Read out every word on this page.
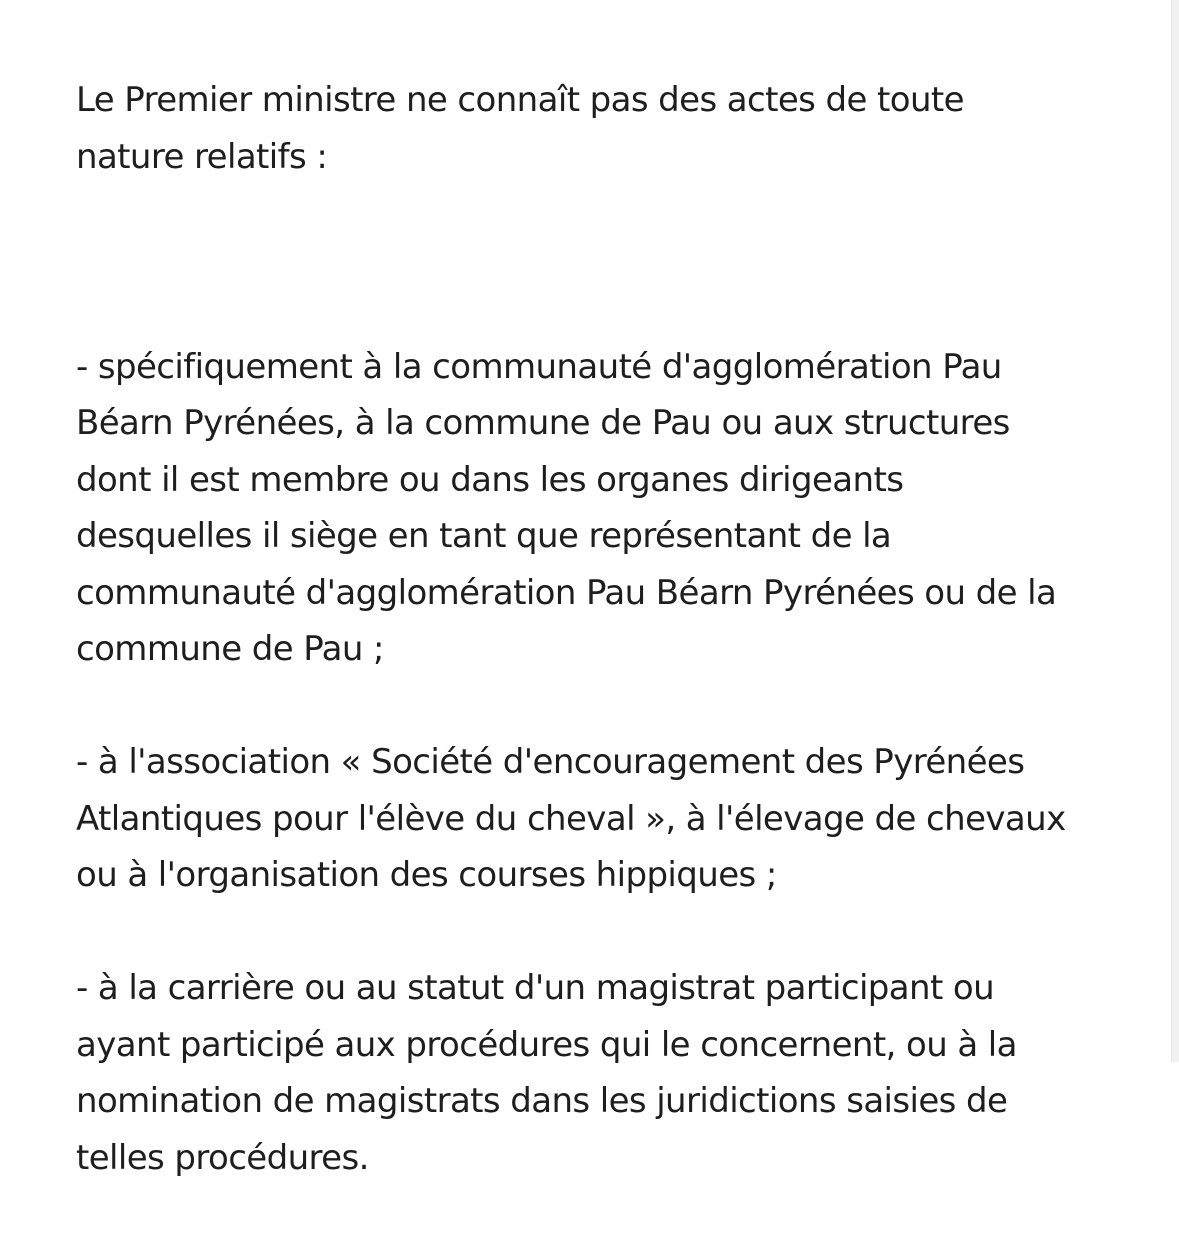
Le Premier ministre ne connaît pas des actes de toute
nature relatifs :

- spécifiquement à la communauté d'agglomération Pau
Béarn Pyrénées, à la commune de Pau ou aux structures
dont il est membre ou dans les organes dirigeants
desquelles il siège en tant que représentant de la
communauté d'agglomération Pau Béarn Pyrénées ou de la
commune de Pau ;

- à l'association « Société d'encouragement des Pyrénées
Atlantiques pour l'élève du cheval », à l'élevage de chevaux
ou à l'organisation des courses hippiques ;

- à la carrière ou au statut d'un magistrat participant ou
ayant participé aux procédures qui le concernent, ou à la
nomination de magistrats dans les juridictions saisies de
telles procédures.
